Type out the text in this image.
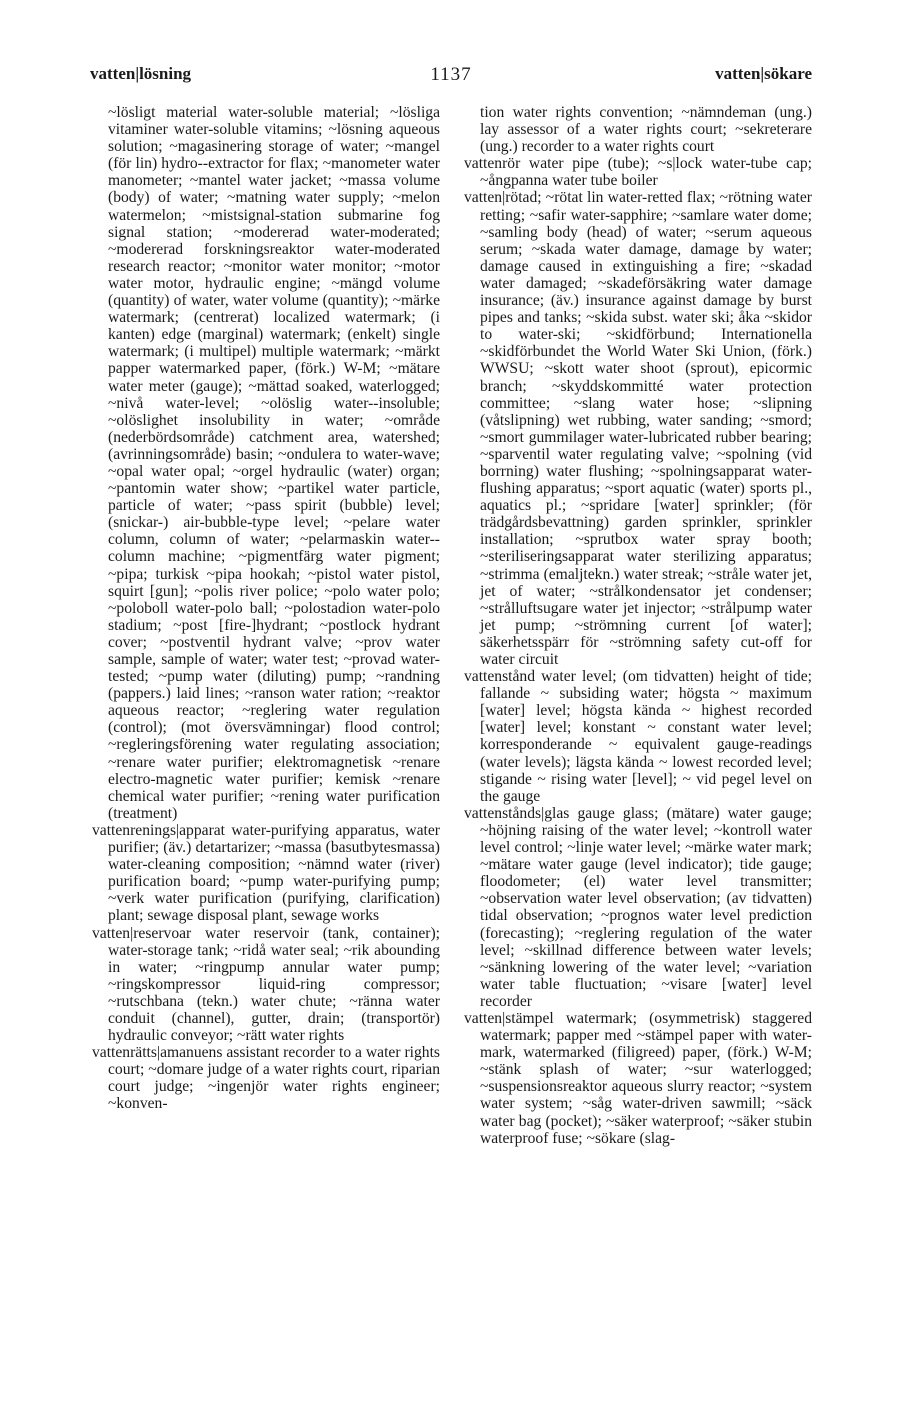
vatten|lösning	1137	vatten|sökare

~lösligt material water-soluble material; ~lösliga vitaminer water-soluble vitamins; ~lösning aqueous solution; ~magasinering storage of water; ~mangel (för lin) hydro--extractor for flax; ~manometer water manometer; ~mantel water jacket; ~massa volume (body) of water; ~matning water supply; ~melon watermelon; ~mistsignal-station submarine fog signal station; ~modererad water-moderated; ~modererad forskningsreaktor water-moderated research reactor; ~monitor water monitor; ~motor water motor, hydraulic engine; ~mängd volume (quantity) of water, water volume (quantity); ~märke watermark; (centrerat) localized watermark; (i kanten) edge (marginal) watermark; (enkelt) single watermark; (i multipel) multiple watermark; ~märkt papper watermarked paper, (förk.) W-M; ~mätare water meter (gauge); ~mättad soaked, waterlogged; ~nivå water-level; ~olöslig water--insoluble; ~olöslighet insolubility in water; ~område (nederbördsområde) catchment area, watershed; (avrinningsområde) basin; ~ondulera to water-wave; ~opal water opal; ~orgel hydraulic (water) organ; ~pantomin water show; ~partikel water particle, particle of water; ~pass spirit (bubble) level; (snickar-) air-bubble-type level; ~pelare water column, column of water; ~pelarmaskin water--column machine; ~pigmentfärg water pigment; ~pipa; turkisk ~pipa hookah; ~pistol water pistol, squirt [gun]; ~polis river police; ~polo water polo; ~poloboll water-polo ball; ~polostadion water-polo stadium; ~post [fire-]hydrant; ~postlock hydrant cover; ~postventil hydrant valve; ~prov water sample, sample of water; water test; ~provad water-tested; ~pump water (diluting) pump; ~randning (pappers.) laid lines; ~ranson water ration; ~reaktor aqueous reactor; ~reglering water regulation (control); (mot översvämningar) flood control; ~regleringsförening water regulating association; ~renare water purifier; elektromagnetisk ~renare electro-magnetic water purifier; kemisk ~renare chemical water purifier; ~rening water purification (treatment)

vattenrenings|apparat water-purifying apparatus, water purifier; (äv.) detartarizer; ~massa (basutbytesmassa) water-cleaning composition; ~nämnd water (river) purification board; ~pump water-purifying pump; ~verk water purification (purifying, clarification) plant; sewage disposal plant, sewage works

vatten|reservoar water reservoir (tank, container); water-storage tank; ~ridå water seal; ~rik abounding in water; ~ringpump annular water pump; ~ringskompressor liquid-ring compressor; ~rutschbana (tekn.) water chute; ~ränna water conduit (channel), gutter, drain; (transportör) hydraulic conveyor; ~rätt water rights

vattenrätts|amanuens assistant recorder to a water rights court; ~domare judge of a water rights court, riparian court judge; ~ingenjör water rights engineer; ~konven-

tion water rights convention; ~nämndeman (ung.) lay assessor of a water rights court; ~sekreterare (ung.) recorder to a water rights court

vattenrör water pipe (tube); ~s|lock water-tube cap; ~ångpanna water tube boiler

vatten|rötad; ~rötat lin water-retted flax; ~rötning water retting; ~safir water-sapphire; ~samlare water dome; ~samling body (head) of water; ~serum aqueous serum; ~skada water damage, damage by water; damage caused in extinguishing a fire; ~skadad water damaged; ~skadeförsäkring water damage insurance; (äv.) insurance against damage by burst pipes and tanks; ~skida subst. water ski; åka ~skidor to water-ski; ~skidförbund; Internationella ~skidförbundet the World Water Ski Union, (förk.) WWSU; ~skott water shoot (sprout), epicormic branch; ~skyddskommitté water protection committee; ~slang water hose; ~slipning (våtslipning) wet rubbing, water sanding; ~smord; ~smort gummilager water-lubricated rubber bearing; ~sparventil water regulating valve; ~spolning (vid borrning) water flushing; ~spolningsapparat water-flushing apparatus; ~sport aquatic (water) sports pl., aquatics pl.; ~spridare [water] sprinkler; (för trädgårdsbevattning) garden sprinkler, sprinkler installation; ~sprutbox water spray booth; ~steriliseringsapparat water sterilizing apparatus; ~strimma (emaljtekn.) water streak; ~stråle water jet, jet of water; ~strålkondensator jet condenser; ~strålluftsugare water jet injector; ~strålpump water jet pump; ~strömning current [of water]; säkerhetsspärr för ~strömning safety cut-off for water circuit

vattenstånd water level; (om tidvatten) height of tide; fallande ~ subsiding water; högsta ~ maximum [water] level; högsta kända ~ highest recorded [water] level; konstant ~ constant water level; korresponderande ~ equivalent gauge-readings (water levels); lägsta kända ~ lowest recorded level; stigande ~ rising water [level]; ~ vid pegel level on the gauge

vattenstånds|glas gauge glass; (mätare) water gauge; ~höjning raising of the water level; ~kontroll water level control; ~linje water level; ~märke water mark; ~mätare water gauge (level indicator); tide gauge; floodometer; (el) water level transmitter; ~observation water level observation; (av tidvatten) tidal observation; ~prognos water level prediction (forecasting); ~reglering regulation of the water level; ~skillnad difference between water levels; ~sänkning lowering of the water level; ~variation water table fluctuation; ~visare [water] level recorder

vatten|stämpel watermark; (osymmetrisk) staggered watermark; papper med ~stämpel paper with water-mark, watermarked (filigreed) paper, (förk.) W-M; ~stänk splash of water; ~sur waterlogged; ~suspensionsreaktor aqueous slurry reactor; ~system water system; ~såg water-driven sawmill; ~säck water bag (pocket); ~säker waterproof; ~säker stubin waterproof fuse; ~sökare (slag-
